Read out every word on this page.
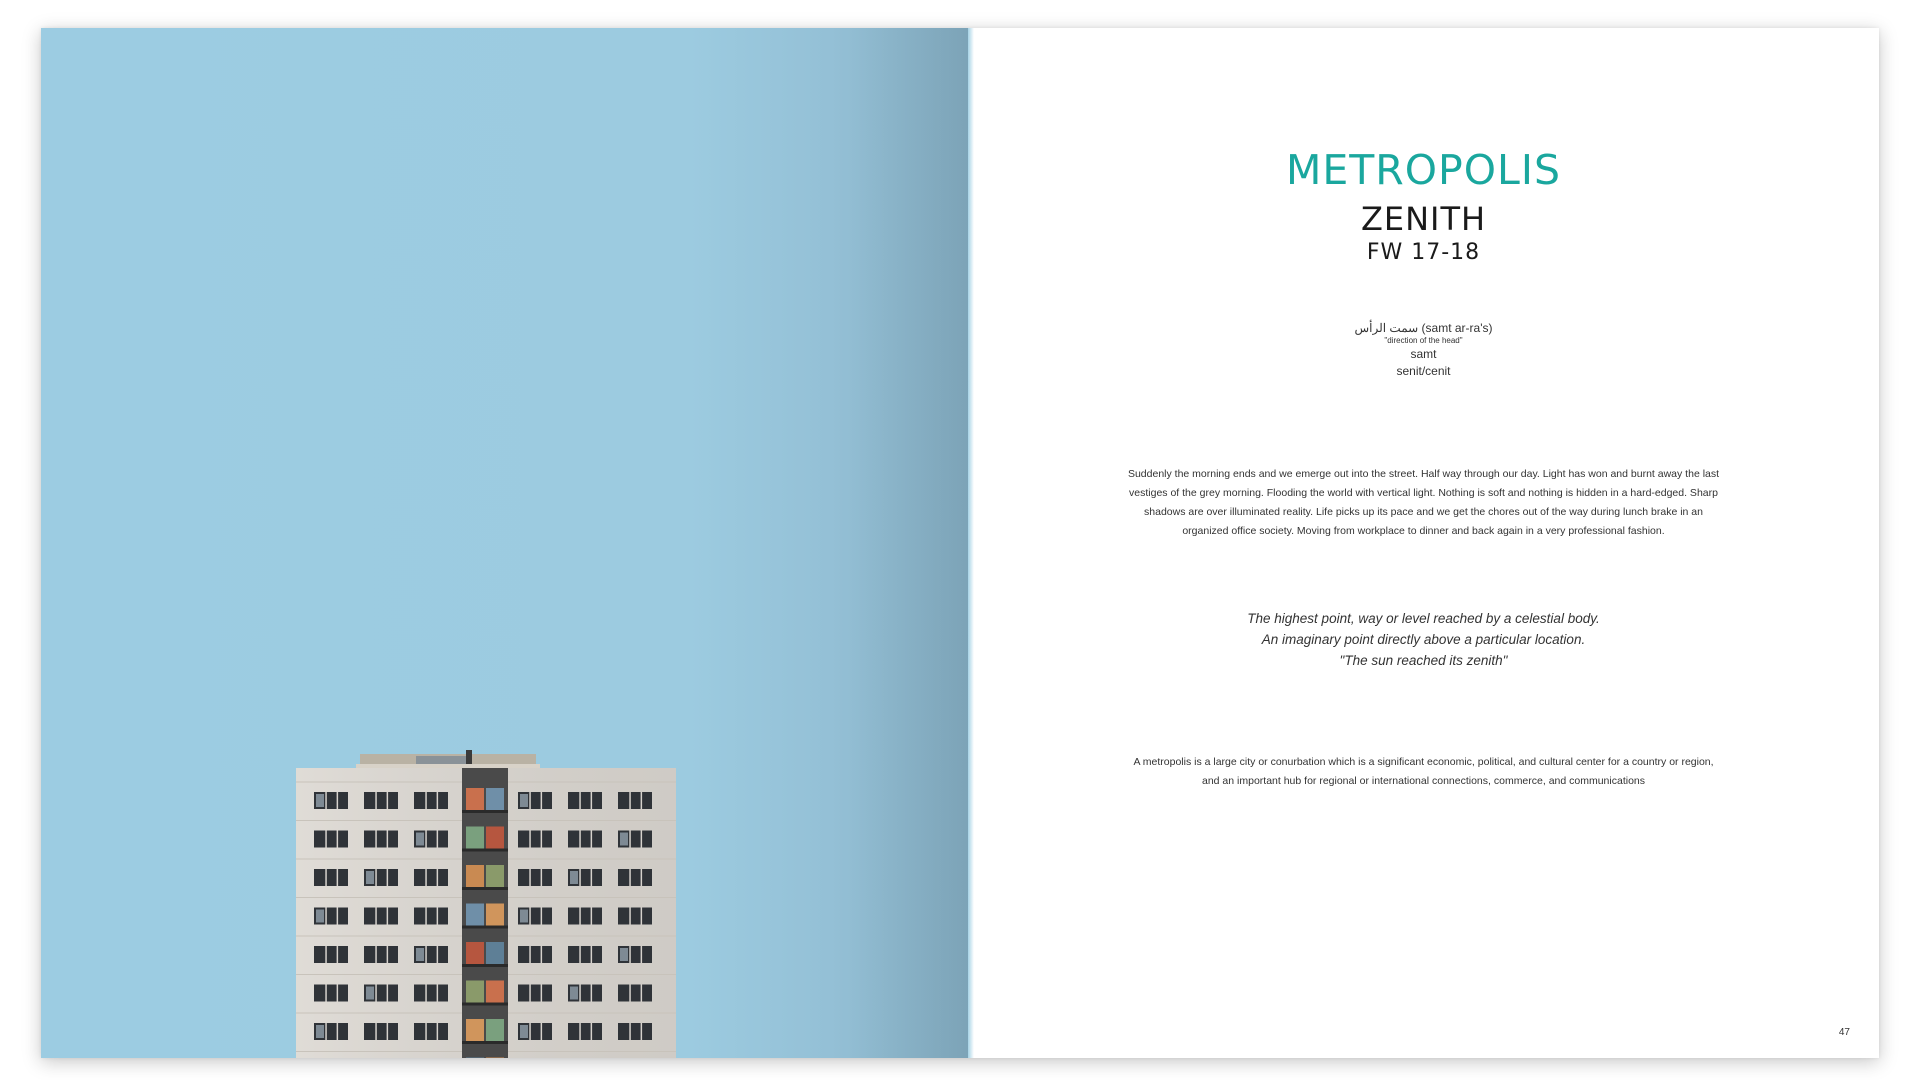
METROPOLIS
ZENITH
FW 17-18
سمت الرأس (samt ar-ra's)
"direction of the head"
samt
senit/cenit
Suddenly the morning ends and we emerge out into the street. Half way through our day. Light has won and burnt away the last vestiges of the grey morning. Flooding the world with vertical light. Nothing is soft and nothing is hidden in a hard-edged. Sharp shadows are over illuminated reality. Life picks up its pace and we get the chores out of the way during lunch brake in an organized office society. Moving from workplace to dinner and back again in a very professional fashion.
The highest point, way or level reached by a celestial body.
An imaginary point directly above a particular location.
"The sun reached its zenith"
A metropolis is a large city or conurbation which is a significant economic, political, and cultural center for a country or region, and an important hub for regional or international connections, commerce, and communications
47
